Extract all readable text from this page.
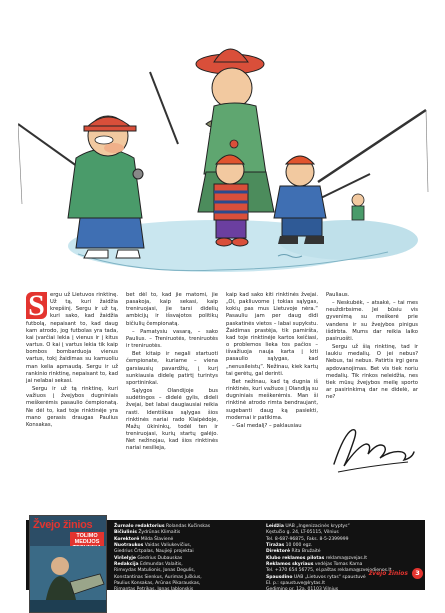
S ergu už Lietuvos rinktinę. Už tą, kuri žaidžia krepšinį. Sergu ir už tą, kuri sako, kad žaidžia futbolą, nepaisant to, kad daug kam atrodo, jog futbolas yra tada, kai įvarčiai lekia į vienus ir į kitus vartus. O kai į vartus lekia tik kaip bombos bombarduoja vienus vartus, tokį žaidimas su kamuoliu man kelia apmaudą. Sergu ir už rankinio rinktinę, nepaisant to, kad jai nelabai sekasi.

Sergu ir už tą rinktinę, kuri važiuos į žvejybos dugniniais meškerėmis pasaulio čempionatą. Ne dėl to, kad toje rinktinėje yra mano gerasis draugas Paulius Konsakas,

bet dėl to, kad jie matomi, jie pasakoja, kaip sekasi, kaip treniruojasi, jie tarsi didelių ambicijų ir išsvajotos politikų bičiulių čempionatą.

– Pamatysiu vasarą, – sako Paulius. – Treniruotės, treniruotės ir treniruotės.

Bet kitaip ir negali startuoti čempionate, kuriame – viena garsiausių pavardžių, į kurį sunkiausia didelę patirtį turintys sportininkai.

Sąlygos Olandijoje bus sudėtingos – didelė gylis, dideli žvejai, bet labai daugiausiai reikia rasti. Identiškas sąlygas šios rinktinės nariai rado Klaipėdoje, Mažų ūkininkų, todėl ten ir treniruojasi, kurių startų galėjo. Net nežinojau, kad šios rinktinės nariai nesilieja,

kaip kad sako kiti rinktinės žvejai. „Oi, pakliuvome į tokias sąlygas, kokių pas mus Lietuvoje nėra.“ Pasauliu jam per daug didi paskatinės vietos – labai supykstu. Žaidimas prastėja, tik pamiršta, kad toje rinktinėje kartos keičiasi, o problemos lieka tos pačios – išvažiuoja nauja karta į kiti pasaulio sąlygas, kad „nenusileistų“. Nežinau, kiek kartų tai gerėtų, gal derinti.

Bet nežinau, kad tą dugnia iš rinktinės, kuri važiuos į Olandiją su dugniniais meškerėmis. Man ši rinktinė atrodo rimta bendraujant, sugebanti daug ką pasiekti, modernai ir patikima.

– Gal medalį? – paklausiau

Pauliaus.

– Neskubėk, – atsakė, – tai mes neuždirbsime. Jei būsiu vis gyvenimą su meškerė prie vandens ir su žvejybos pinigus išdirbta. Mums dar reikia laiko pasiruošti.

Sergu už šią rinktinę, tad ir laukiu medalių. O jei nebus? Nebus, tai nebus. Patirtis irgi gera apdovanojimas. Bet vis tiek noriu medalių. Tik rinkos neleidžia, nes tiek mūsų žvejybos meilę sporto ar pasirinkimą dar ne didelė, ar ne?

Žvejo žinios
TOLIMO MEDIJOS
Žurnalo redaktorius Rolandas Kučinskas
Bičiulinis Žydrūnas Klimaitis
Korektorė Milda Šlavienė
Nuotraukos Vaidas Valiukevičius,
Giedrius Črtpalas, Naujieji projektai
Viršelyje Giedrius Dubauskas
Redakcija Edmundas Valaitis,
Rimvydas Matulionis, Jonas Degulis,
Konstantinas Sienkus, Aurimas Juškius,
Paulius Konsakas, Arūnas Pikarauskas,
Rimantas Petrikas, Ignas Jablonskis
Leidžia UAB „Ingenizacinės kryptys“
Kęstučio g. 24, LT-05115, Vilnius
Tel. 8-687-96875, Faks. 8-5-2399999
Tiražas 10 000 egz.
Direktorė Rita Bružaitė
Klubo reklamos pilotas reklama@zvejas.lt
Reklamos skyriaus vedėjas Tomas Karna
Tel. +370 654 56775, el.paštas reklama@zvejodienos.lt
Spausdino UAB „Lietuvos rytas“ spaustuvė
El. p.: spaustuve@lrytas.lt
Gedimino pr. 12a, 01103 Vilnius
žvejo žinios	3
